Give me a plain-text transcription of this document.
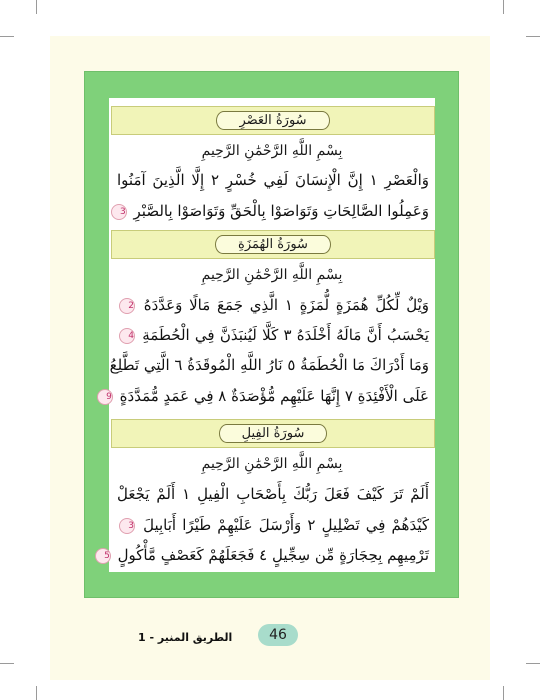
سُورَةُ العَصْرِ
بِسْمِ اللَّهِ الرَّحْمَٰنِ الرَّحِيمِ
وَالْعَصْرِ ١ إِنَّ الْإِنسَانَ لَفِي خُسْرٍ ٢ إِلَّا الَّذِينَ آمَنُوا
وَعَمِلُوا الصَّالِحَاتِ وَتَوَاصَوْا بِالْحَقِّ وَتَوَاصَوْا بِالصَّبْرِ 3
سُورَةُ الهُمَزَةِ
بِسْمِ اللَّهِ الرَّحْمَٰنِ الرَّحِيمِ
وَيْلٌ لِّكُلِّ هُمَزَةٍ لُّمَزَةٍ ١ الَّذِي جَمَعَ مَالًا وَعَدَّدَهُ 2
يَحْسَبُ أَنَّ مَالَهُ أَخْلَدَهُ ٣ كَلَّا لَيُنبَذَنَّ فِي الْحُطَمَةِ 4
وَمَا أَدْرَاكَ مَا الْحُطَمَةُ ٥ نَارُ اللَّهِ الْمُوقَدَةُ ٦ الَّتِي تَطَّلِعُ
عَلَى الْأَفْئِدَةِ ٧ إِنَّهَا عَلَيْهِم مُّؤْصَدَةٌ ٨ فِي عَمَدٍ مُّمَدَّدَةٍ 9
سُورَةُ الفِيلِ
بِسْمِ اللَّهِ الرَّحْمَٰنِ الرَّحِيمِ
أَلَمْ تَرَ كَيْفَ فَعَلَ رَبُّكَ بِأَصْحَابِ الْفِيلِ ١ أَلَمْ يَجْعَلْ
كَيْدَهُمْ فِي تَضْلِيلٍ ٢ وَأَرْسَلَ عَلَيْهِمْ طَيْرًا أَبَابِيلَ 3
تَرْمِيهِم بِحِجَارَةٍ مِّن سِجِّيلٍ ٤ فَجَعَلَهُمْ كَعَصْفٍ مَّأْكُولٍ 5
46
الطريق المنير - 1
